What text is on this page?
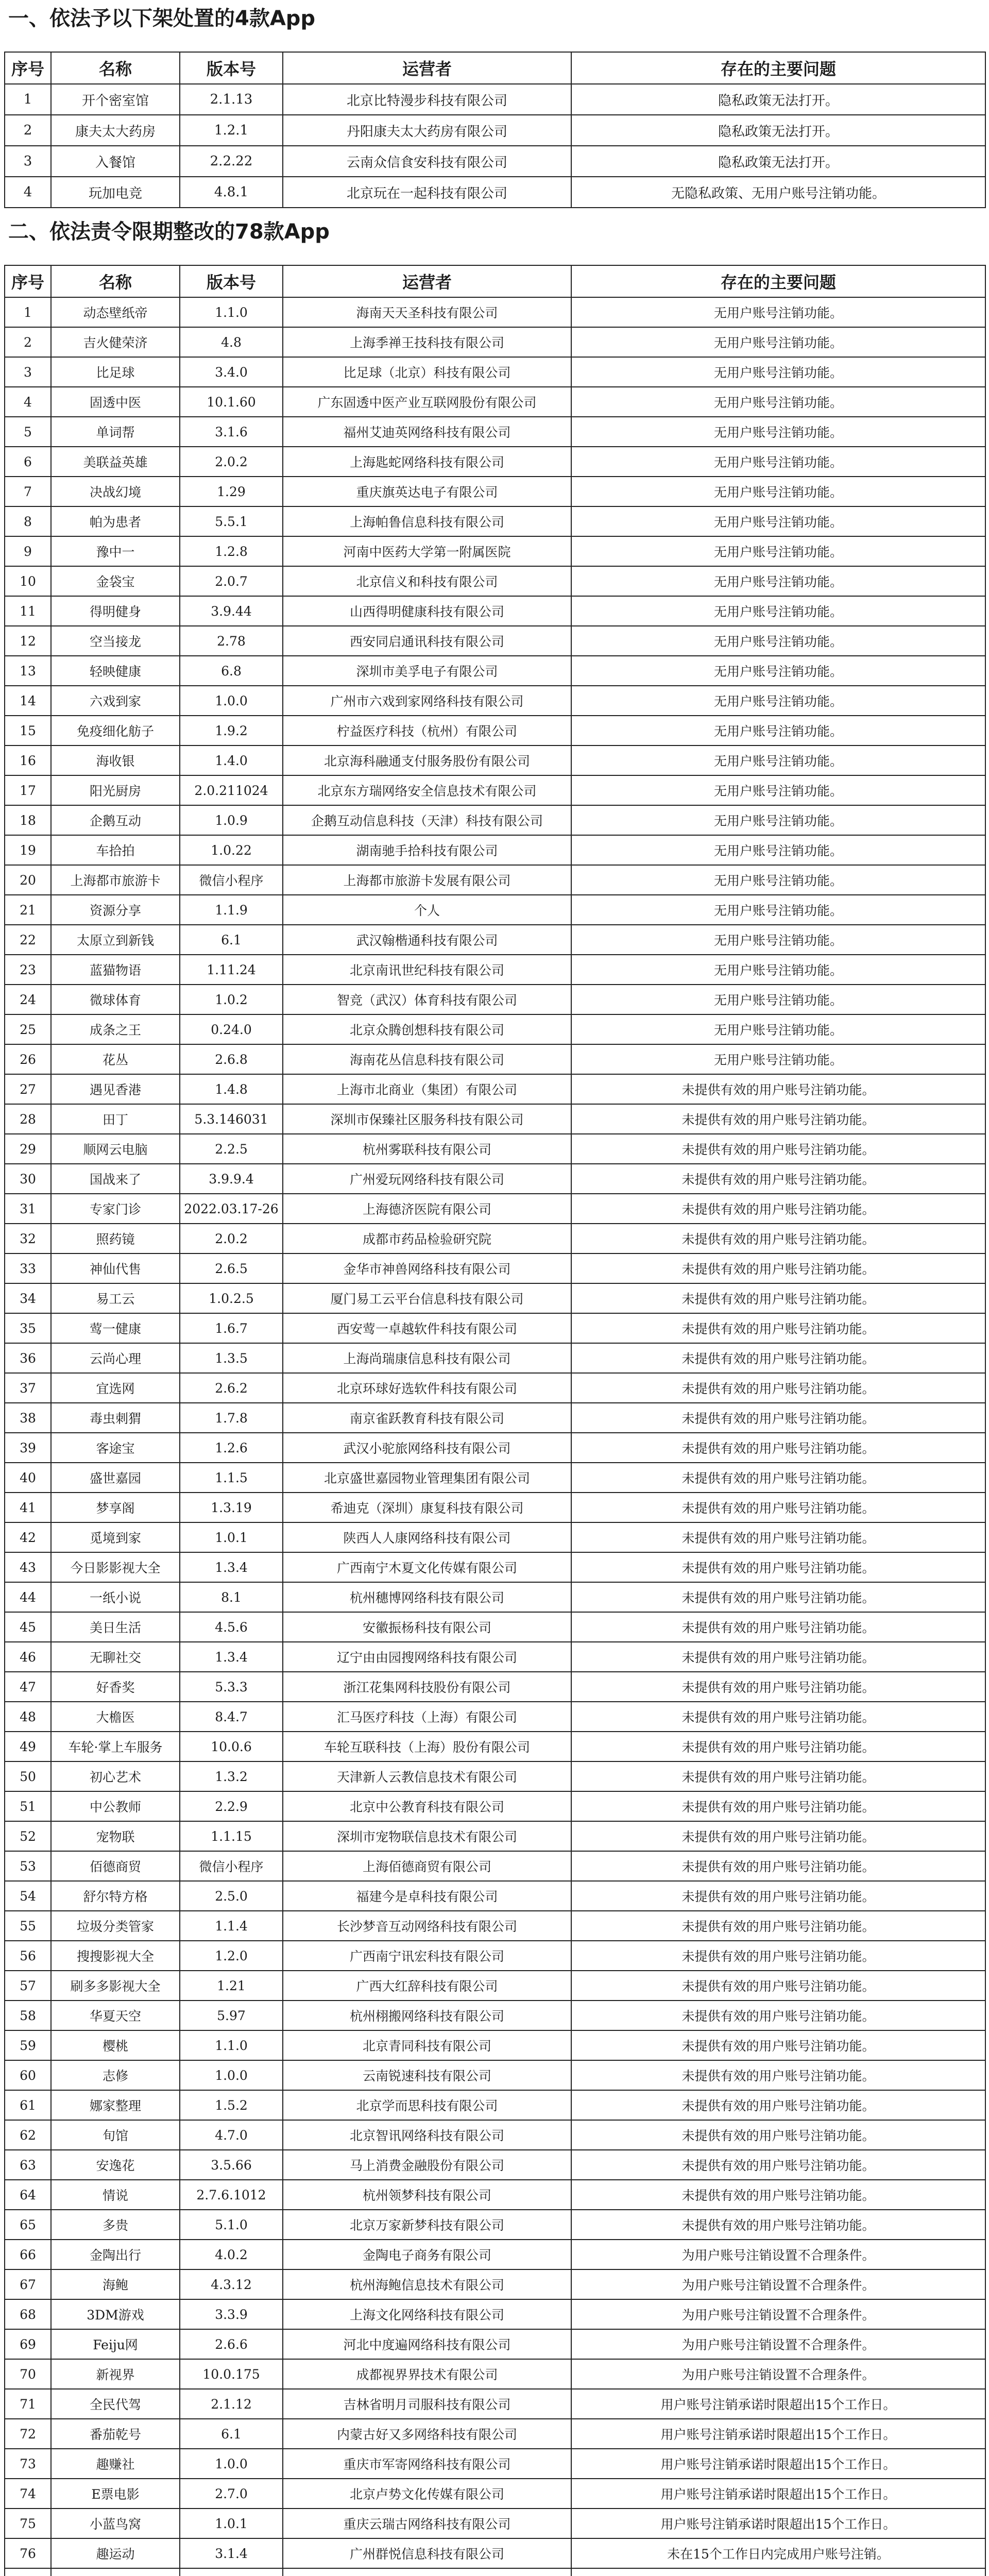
一、依法予以下架处置的4款App
序号	名称	版本号	运营者	存在的主要问题
1	开个密室馆	2.1.13	北京比特漫步科技有限公司	隐私政策无法打开。
2	康夫太大药房	1.2.1	丹阳康夫太大药房有限公司	隐私政策无法打开。
3	入餐馆	2.2.22	云南众信食安科技有限公司	隐私政策无法打开。
4	玩加电竞	4.8.1	北京玩在一起科技有限公司	无隐私政策、无用户账号注销功能。
二、依法责令限期整改的78款App
序号	名称	版本号	运营者	存在的主要问题
1	动态壁纸帝	1.1.0	海南天天圣科技有限公司	无用户账号注销功能。
2	吉火健荣济	4.8	上海季禅王技科技有限公司	无用户账号注销功能。
3	比足球	3.4.0	比足球（北京）科技有限公司	无用户账号注销功能。
4	固透中医	10.1.60	广东固透中医产业互联网股份有限公司	无用户账号注销功能。
5	单词帮	3.1.6	福州艾迪英网络科技有限公司	无用户账号注销功能。
6	美联益英雄	2.0.2	上海匙蛇网络科技有限公司	无用户账号注销功能。
7	决战幻境	1.29	重庆旗英达电子有限公司	无用户账号注销功能。
8	帕为患者	5.5.1	上海帕鲁信息科技有限公司	无用户账号注销功能。
9	豫中一	1.2.8	河南中医药大学第一附属医院	无用户账号注销功能。
10	金袋宝	2.0.7	北京信义和科技有限公司	无用户账号注销功能。
11	得明健身	3.9.44	山西得明健康科技有限公司	无用户账号注销功能。
12	空当接龙	2.78	西安同启通讯科技有限公司	无用户账号注销功能。
13	轻映健康	6.8	深圳市美孚电子有限公司	无用户账号注销功能。
14	六戏到家	1.0.0	广州市六戏到家网络科技有限公司	无用户账号注销功能。
15	免疫细化舫子	1.9.2	柠益医疗科技（杭州）有限公司	无用户账号注销功能。
16	海收银	1.4.0	北京海科融通支付服务股份有限公司	无用户账号注销功能。
17	阳光厨房	2.0.211024	北京东方瑞网络安全信息技术有限公司	无用户账号注销功能。
18	企鹅互动	1.0.9	企鹅互动信息科技（天津）科技有限公司	无用户账号注销功能。
19	车拾拍	1.0.22	湖南驰手拾科技有限公司	无用户账号注销功能。
20	上海都市旅游卡	微信小程序	上海都市旅游卡发展有限公司	无用户账号注销功能。
21	资源分享	1.1.9	个人	无用户账号注销功能。
22	太原立到新钱	6.1	武汉翰楷通科技有限公司	无用户账号注销功能。
23	蓝猫物语	1.11.24	北京南讯世纪科技有限公司	无用户账号注销功能。
24	微球体育	1.0.2	智竞（武汉）体育科技有限公司	无用户账号注销功能。
25	成条之王	0.24.0	北京众腾创想科技有限公司	无用户账号注销功能。
26	花丛	2.6.8	海南花丛信息科技有限公司	无用户账号注销功能。
27	遇见香港	1.4.8	上海市北商业（集团）有限公司	未提供有效的用户账号注销功能。
28	田丁	5.3.146031	深圳市保臻社区服务科技有限公司	未提供有效的用户账号注销功能。
29	顺网云电脑	2.2.5	杭州雾联科技有限公司	未提供有效的用户账号注销功能。
30	国战来了	3.9.9.4	广州爱玩网络科技有限公司	未提供有效的用户账号注销功能。
31	专家门诊	2022.03.17-26	上海德济医院有限公司	未提供有效的用户账号注销功能。
32	照药镜	2.0.2	成都市药品检验研究院	未提供有效的用户账号注销功能。
33	神仙代售	2.6.5	金华市神兽网络科技有限公司	未提供有效的用户账号注销功能。
34	易工云	1.0.2.5	厦门易工云平台信息科技有限公司	未提供有效的用户账号注销功能。
35	莺一健康	1.6.7	西安莺一卓越软件科技有限公司	未提供有效的用户账号注销功能。
36	云尚心理	1.3.5	上海尚瑞康信息科技有限公司	未提供有效的用户账号注销功能。
37	宜选网	2.6.2	北京环球好选软件科技有限公司	未提供有效的用户账号注销功能。
38	毒虫刺猬	1.7.8	南京雀跃教育科技有限公司	未提供有效的用户账号注销功能。
39	客途宝	1.2.6	武汉小驼旅网络科技有限公司	未提供有效的用户账号注销功能。
40	盛世嘉园	1.1.5	北京盛世嘉园物业管理集团有限公司	未提供有效的用户账号注销功能。
41	梦享阁	1.3.19	希迪克（深圳）康复科技有限公司	未提供有效的用户账号注销功能。
42	觅境到家	1.0.1	陕西人人康网络科技有限公司	未提供有效的用户账号注销功能。
43	今日影影视大全	1.3.4	广西南宁木夏文化传媒有限公司	未提供有效的用户账号注销功能。
44	一纸小说	8.1	杭州穗博网络科技有限公司	未提供有效的用户账号注销功能。
45	美日生活	4.5.6	安徽振杨科技有限公司	未提供有效的用户账号注销功能。
46	无聊社交	1.3.4	辽宁由由园搜网络科技有限公司	未提供有效的用户账号注销功能。
47	好香奖	5.3.3	浙江花集网科技股份有限公司	未提供有效的用户账号注销功能。
48	大檐医	8.4.7	汇马医疗科技（上海）有限公司	未提供有效的用户账号注销功能。
49	车轮·掌上车服务	10.0.6	车轮互联科技（上海）股份有限公司	未提供有效的用户账号注销功能。
50	初心艺术	1.3.2	天津新人云教信息技术有限公司	未提供有效的用户账号注销功能。
51	中公教师	2.2.9	北京中公教育科技有限公司	未提供有效的用户账号注销功能。
52	宠物联	1.1.15	深圳市宠物联信息技术有限公司	未提供有效的用户账号注销功能。
53	佰德商贸	微信小程序	上海佰德商贸有限公司	未提供有效的用户账号注销功能。
54	舒尔特方格	2.5.0	福建今是卓科技有限公司	未提供有效的用户账号注销功能。
55	垃圾分类管家	1.1.4	长沙梦音互动网络科技有限公司	未提供有效的用户账号注销功能。
56	搜搜影视大全	1.2.0	广西南宁讯宏科技有限公司	未提供有效的用户账号注销功能。
57	刷多多影视大全	1.21	广西大红辞科技有限公司	未提供有效的用户账号注销功能。
58	华夏天空	5.97	杭州栩搬网络科技有限公司	未提供有效的用户账号注销功能。
59	樱桃	1.1.0	北京青同科技有限公司	未提供有效的用户账号注销功能。
60	志修	1.0.0	云南锐速科技有限公司	未提供有效的用户账号注销功能。
61	娜家整理	1.5.2	北京学而思科技有限公司	未提供有效的用户账号注销功能。
62	旬馆	4.7.0	北京智讯网络科技有限公司	未提供有效的用户账号注销功能。
63	安逸花	3.5.66	马上消费金融股份有限公司	未提供有效的用户账号注销功能。
64	情说	2.7.6.1012	杭州领梦科技有限公司	未提供有效的用户账号注销功能。
65	多贵	5.1.0	北京万家新梦科技有限公司	未提供有效的用户账号注销功能。
66	金陶出行	4.0.2	金陶电子商务有限公司	为用户账号注销设置不合理条件。
67	海鲍	4.3.12	杭州海鲍信息技术有限公司	为用户账号注销设置不合理条件。
68	3DM游戏	3.3.9	上海文化网络科技有限公司	为用户账号注销设置不合理条件。
69	Feiju网	2.6.6	河北中度遍网络科技有限公司	为用户账号注销设置不合理条件。
70	新视界	10.0.175	成都视界界技术有限公司	为用户账号注销设置不合理条件。
71	全民代驾	2.1.12	吉林省明月司服科技有限公司	用户账号注销承诺时限超出15个工作日。
72	番茄乾号	6.1	内蒙古好又多网络科技有限公司	用户账号注销承诺时限超出15个工作日。
73	趣赚社	1.0.0	重庆市军寄网络科技有限公司	用户账号注销承诺时限超出15个工作日。
74	E票电影	2.7.0	北京卢势文化传媒有限公司	用户账号注销承诺时限超出15个工作日。
75	小蓝鸟窝	1.0.1	重庆云瑞古网络科技有限公司	用户账号注销承诺时限超出15个工作日。
76	趣运动	3.1.4	广州群悦信息科技有限公司	未在15个工作日内完成用户账号注销。
